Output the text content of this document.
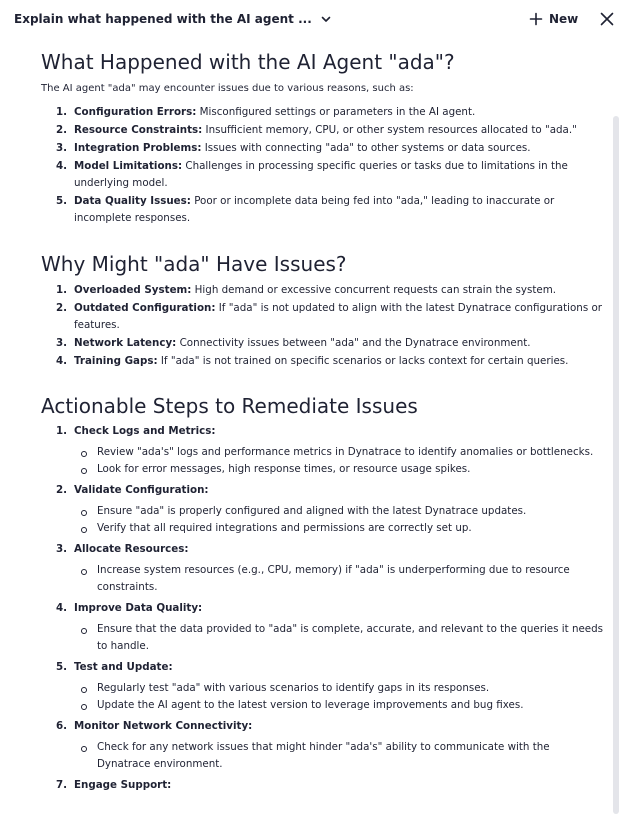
Explain what happened with the AI agent ...	New
What Happened with the AI Agent "ada"?
The AI agent "ada" may encounter issues due to various reasons, such as:
1. Configuration Errors: Misconfigured settings or parameters in the AI agent.
2. Resource Constraints: Insufficient memory, CPU, or other system resources allocated to "ada."
3. Integration Problems: Issues with connecting "ada" to other systems or data sources.
4. Model Limitations: Challenges in processing specific queries or tasks due to limitations in the underlying model.
5. Data Quality Issues: Poor or incomplete data being fed into "ada," leading to inaccurate or incomplete responses.
Why Might "ada" Have Issues?
1. Overloaded System: High demand or excessive concurrent requests can strain the system.
2. Outdated Configuration: If "ada" is not updated to align with the latest Dynatrace configurations or features.
3. Network Latency: Connectivity issues between "ada" and the Dynatrace environment.
4. Training Gaps: If "ada" is not trained on specific scenarios or lacks context for certain queries.
Actionable Steps to Remediate Issues
1. Check Logs and Metrics:
Review "ada's" logs and performance metrics in Dynatrace to identify anomalies or bottlenecks.
Look for error messages, high response times, or resource usage spikes.
2. Validate Configuration:
Ensure "ada" is properly configured and aligned with the latest Dynatrace updates.
Verify that all required integrations and permissions are correctly set up.
3. Allocate Resources:
Increase system resources (e.g., CPU, memory) if "ada" is underperforming due to resource constraints.
4. Improve Data Quality:
Ensure that the data provided to "ada" is complete, accurate, and relevant to the queries it needs to handle.
5. Test and Update:
Regularly test "ada" with various scenarios to identify gaps in its responses.
Update the AI agent to the latest version to leverage improvements and bug fixes.
6. Monitor Network Connectivity:
Check for any network issues that might hinder "ada's" ability to communicate with the Dynatrace environment.
7. Engage Support:
